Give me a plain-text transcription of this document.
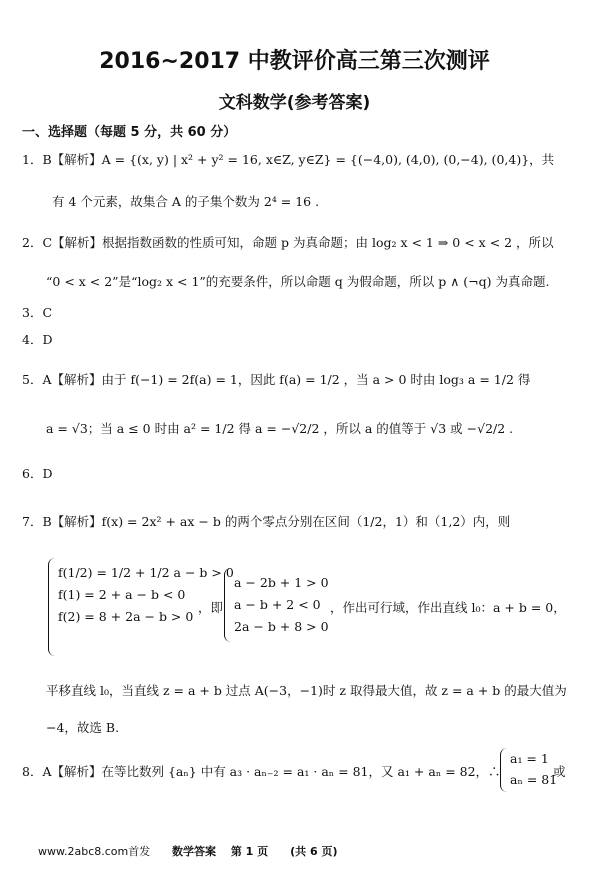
2016~2017 中教评价高三第三次测评
文科数学(参考答案)
一、选择题（每题 5 分，共 60 分）
1．B【解析】A = {(x, y) | x² + y² = 16, x∈Z, y∈Z} = {(−4,0), (4,0), (0,−4), (0,4)}，共
有 4 个元素，故集合 A 的子集个数为 2⁴ = 16 .
2．C【解析】根据指数函数的性质可知，命题 p 为真命题；由 log₂ x < 1 ⇒ 0 < x < 2 ，所以
“0 < x < 2”是“log₂ x < 1”的充要条件，所以命题 q 为假命题，所以 p ∧ (¬q) 为真命题.
3．C
4．D
5．A【解析】由于 f(−1) = 2f(a) = 1，因此 f(a) = 1/2 ，当 a > 0 时由 log₃ a = 1/2 得
a = √3；当 a ≤ 0 时由 a² = 1/2 得 a = −√2/2 ，所以 a 的值等于 √3 或 −√2/2 .
6．D
7．B【解析】f(x) = 2x² + ax − b 的两个零点分别在区间（1/2，1）和（1,2）内，则
f(1/2) = 1/2 + 1/2 a − b > 0
f(1) = 2 + a − b < 0
f(2) = 8 + 2a − b > 0
，即
a − 2b + 1 > 0
a − b + 2 < 0
2a − b + 8 > 0
，作出可行域，作出直线 l₀：a + b = 0，
平移直线 l₀，当直线 z = a + b 过点 A(−3，−1)时 z 取得最大值，故 z = a + b 的最大值为
−4，故选 B.
8．A【解析】在等比数列 {aₙ} 中有 a₃ · aₙ₋₂ = a₁ · aₙ = 81，又 a₁ + aₙ = 82，∴
a₁ = 1
aₙ = 81
或
www.2abc8.com首发 数学答案　 第 1 页　　(共 6 页)
